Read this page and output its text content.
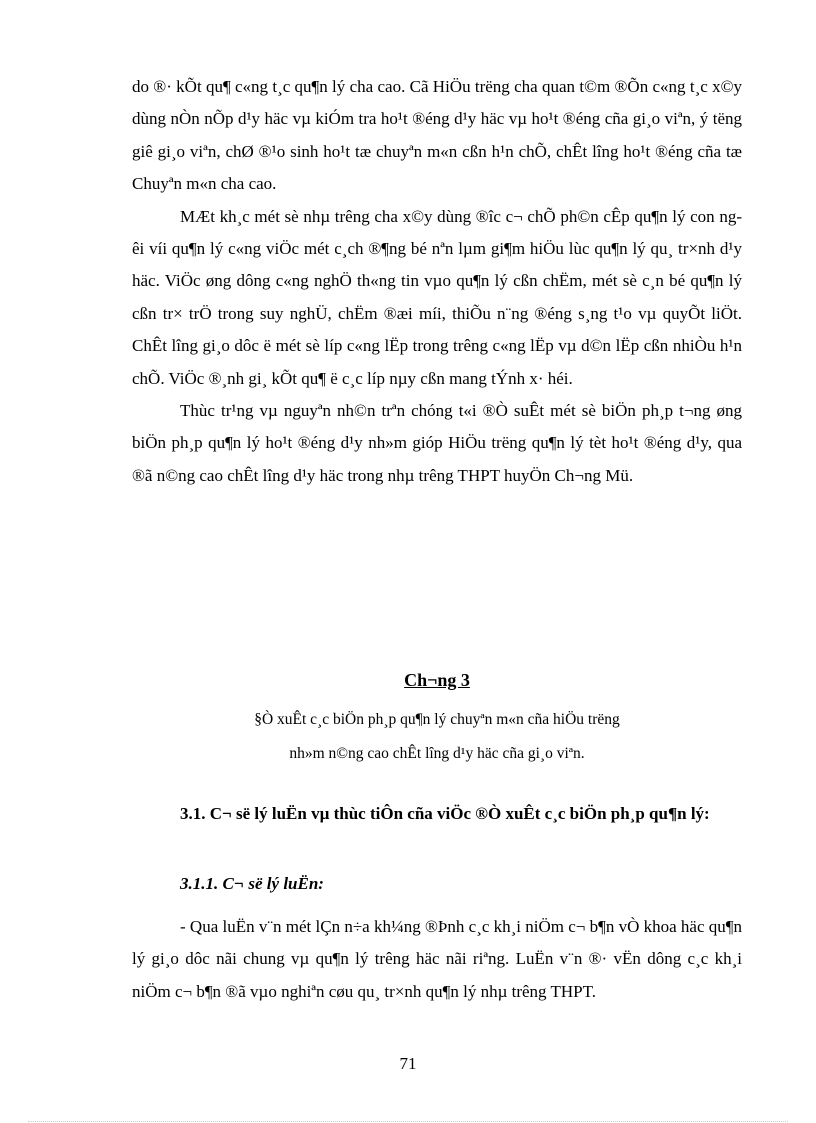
do ®· kÕt qu¶ c«ng t¸c qu¶n lý cha cao. Cã HiÖu trëng cha quan t©m ®Õn c«ng t¸c x©y dùng nÒn nÕp d¹y häc vµ kiÓm tra ho¹t ®éng d¹y häc vµ ho¹t ®éng cña gi¸o viªn, ý tëng giê gi¸o viªn, chØ ®¹o sinh ho¹t tæ chuyªn m«n cßn h¹n chÕ, chÊt lîng ho¹t ®éng cña tæ Chuyªn m«n cha cao.

MÆt kh¸c mét sè nhµ trêng cha x©y dùng ®îc c¬ chÕ ph©n cÊp qu¶n lý con ngêi víi qu¶n lý c«ng viÖc mét c¸ch ®¶ng bé nªn lµm gi¶m hiÖu lùc qu¶n lý qu¸ tr×nh d¹y häc. ViÖc øng dông c«ng nghÖ th«ng tin vµo qu¶n lý cßn chËm, mét sè c¸n bé qu¶n lý cßn tr× trÖ trong suy nghÜ, chËm ®æi míi, thiÕu n¨ng ®éng s¸ng t¹o vµ quyÕt liÖt. ChÊt lîng gi¸o dôc ë mét sè líp c«ng lËp trong trêng c«ng lËp vµ d©n lËp cßn nhiÒu h¹n chÕ. ViÖc ®¸nh gi¸ kÕt qu¶ ë c¸c líp nµy cßn mang tÝnh x· héi.

Thùc tr¹ng vµ nguyªn nh©n trªn chóng t«i ®Ò suÊt mét sè biÖn ph¸p t¬ng øng biÖn ph¸p qu¶n lý ho¹t ®éng d¹y nh»m gióp HiÖu trëng qu¶n lý tèt ho¹t ®éng d¹y, qua ®ã n©ng cao chÊt lîng d¹y häc trong nhµ trêng THPT huyÖn Ch¬ng Mü.

Ch¬ng 3
§Ò xuÊt c¸c biÖn ph¸p qu¶n lý chuyªn m«n cña hiÖu trëng
nh»m n©ng cao chÊt lîng d¹y häc cña gi¸o viªn.
3.1. C¬ së lý luËn vµ thùc tiÔn cña viÖc ®Ò xuÊt c¸c biÖn ph¸p qu¶n lý:
3.1.1. C¬ së lý luËn:

- Qua luËn v¨n mét lÇn n÷a kh¼ng ®Þnh c¸c kh¸i niÖm c¬ b¶n vÒ khoa häc qu¶n lý gi¸o dôc nãi chung vµ qu¶n lý trêng häc nãi riªng. LuËn v¨n ®· vËn dông c¸c kh¸i niÖm c¬ b¶n ®ã vµo nghiªn cøu qu¸ tr×nh qu¶n lý nhµ trêng THPT.

71
